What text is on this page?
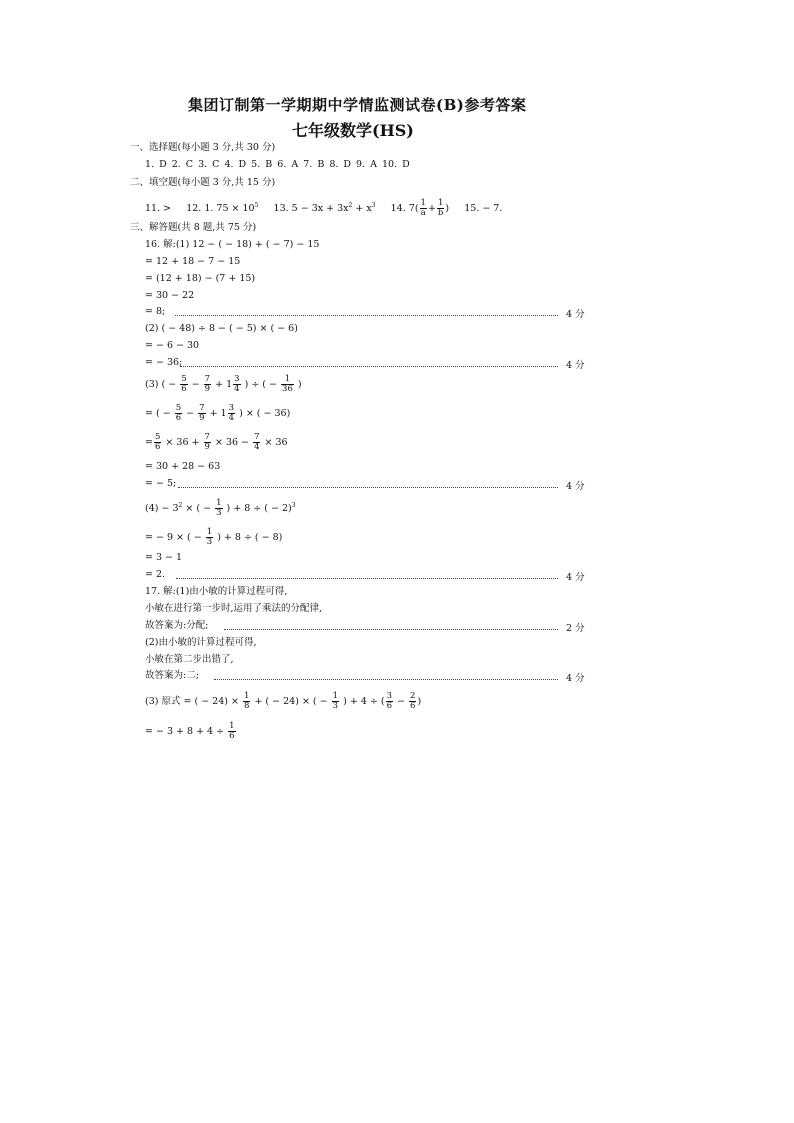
集团订制第一学期期中学情监测试卷(B)参考答案
七年级数学(HS)
一、选择题(每小题 3 分,共 30 分)
1. D 2. C 3. C 4. D 5. B 6. A 7. B 8. D 9. A 10. D
二、填空题(每小题 3 分,共 15 分)
11. > 12. 1. $75 \times 10^5$ 13. $5 - 3x + 3x^2 + x^3$ 14. $7( \frac{1}{a} + \frac{1}{b}$ ) 15. − 7.
三、解答题(共 8 题,共 75 分)
16. 解:(1) 12 − ( − 18) + ( − 7) − 15
= 12 + 18 − 7 − 15
= (12 + 18) − (7 + 15)
= 30 − 22
= 8;	4 分
(2) ( − 48) ÷ 8 − ( − 5) × ( − 6)
= − 6 − 30
= − 36;	4 分
(3) ( − $\frac{5}{6} - \frac{7}{9} + 1 \frac{3}{4}$ ) ÷ ( − $\frac{1}{36}$ )
= ( − $\frac{5}{6} - \frac{7}{9} + 1 \frac{3}{4}$ ) × ( − 36)
= $\frac{5}{6} \times 36 + \frac{7}{9} \times 36 - \frac{7}{4} \times 36$
= 30 + 28 − 63
= − 5;	4 分
$(4) - 3^2$ × ( − $\frac{1}{3}$ ) + 8 ÷ ( − 2)$^3$
= − 9 × ( − $\frac{1}{3}$ ) + 8 ÷ ( − 8)
= 3 − 1
= 2.	4 分
17. 解:(1)由小敏的计算过程可得,
小敏在进行第一步时,运用了乘法的分配律,
故答案为:分配;	2 分
(2)由小敏的计算过程可得,
小敏在第二步出错了,
故答案为:二;	4 分
(3) 原式 = ( − $24) \times \frac{1}{8}$ + ( − 24) × ( − $\frac{1}{3}$ ) + 4 ÷ ( $\frac{3}{6} - \frac{2}{6}$ )
= − $3 + 8 + 4 \div \frac{1}{6}$
